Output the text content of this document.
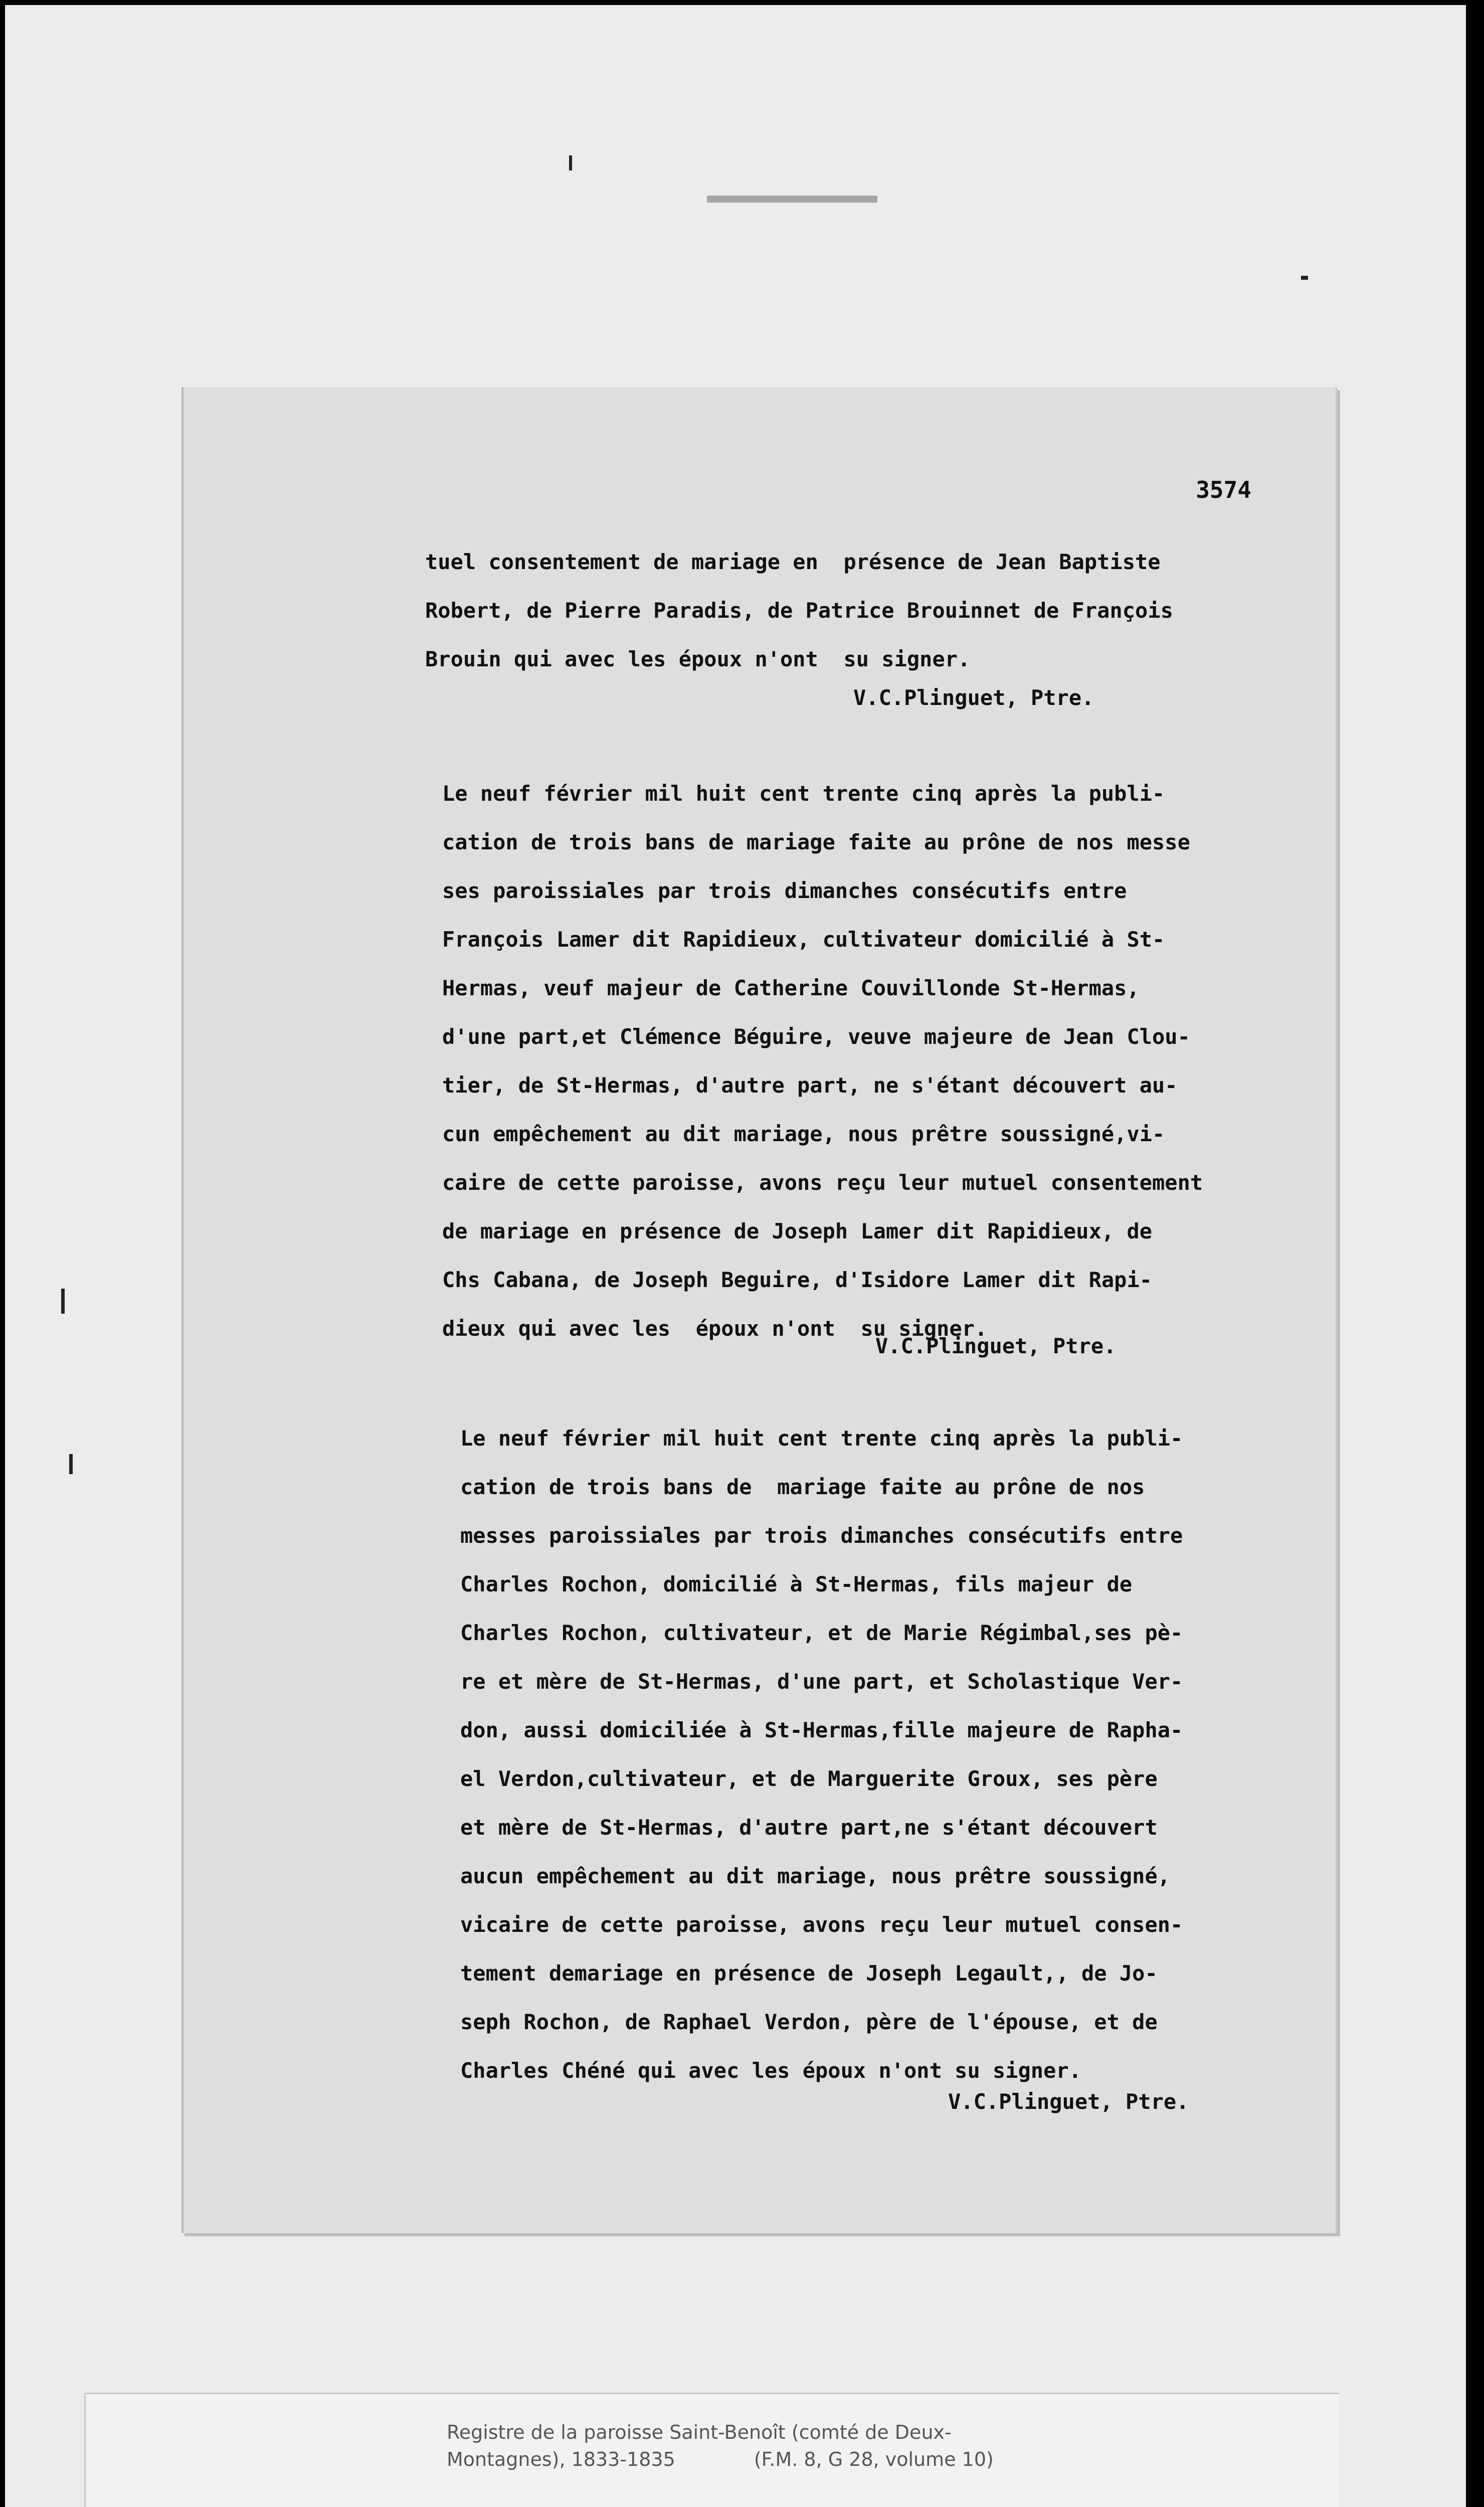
3574

tuel consentement de mariage en  présence de Jean Baptiste
Robert, de Pierre Paradis, de Patrice Brouinnet de François
Brouin qui avec les époux n'ont  su signer.

V.C.Plinguet, Ptre.

Le neuf février mil huit cent trente cinq après la publi-
cation de trois bans de mariage faite au prône de nos messe
ses paroissiales par trois dimanches consécutifs entre
François Lamer dit Rapidieux, cultivateur domicilié à St-
Hermas, veuf majeur de Catherine Couvillonde St-Hermas,
d'une part,et Clémence Béguire, veuve majeure de Jean Clou-
tier, de St-Hermas, d'autre part, ne s'étant découvert au-
cun empêchement au dit mariage, nous prêtre soussigné,vi-
caire de cette paroisse, avons reçu leur mutuel consentement
de mariage en présence de Joseph Lamer dit Rapidieux, de
Chs Cabana, de Joseph Beguire, d'Isidore Lamer dit Rapi-
dieux qui avec les  époux n'ont  su signer.

V.C.Plinguet, Ptre.

Le neuf février mil huit cent trente cinq après la publi-
cation de trois bans de  mariage faite au prône de nos
messes paroissiales par trois dimanches consécutifs entre
Charles Rochon, domicilié à St-Hermas, fils majeur de
Charles Rochon, cultivateur, et de Marie Régimbal,ses pè-
re et mère de St-Hermas, d'une part, et Scholastique Ver-
don, aussi domiciliée à St-Hermas,fille majeure de Rapha-
el Verdon,cultivateur, et de Marguerite Groux, ses père
et mère de St-Hermas, d'autre part,ne s'étant découvert
aucun empêchement au dit mariage, nous prêtre soussigné,
vicaire de cette paroisse, avons reçu leur mutuel consen-
tement demariage en présence de Joseph Legault,, de Jo-
seph Rochon, de Raphael Verdon, père de l'épouse, et de
Charles Chéné qui avec les époux n'ont su signer.

V.C.Plinguet, Ptre.

Registre de la paroisse Saint-Benoît (comté de Deux-

Montagnes), 1833-1835             (F.M. 8, G 28, volume 10)
